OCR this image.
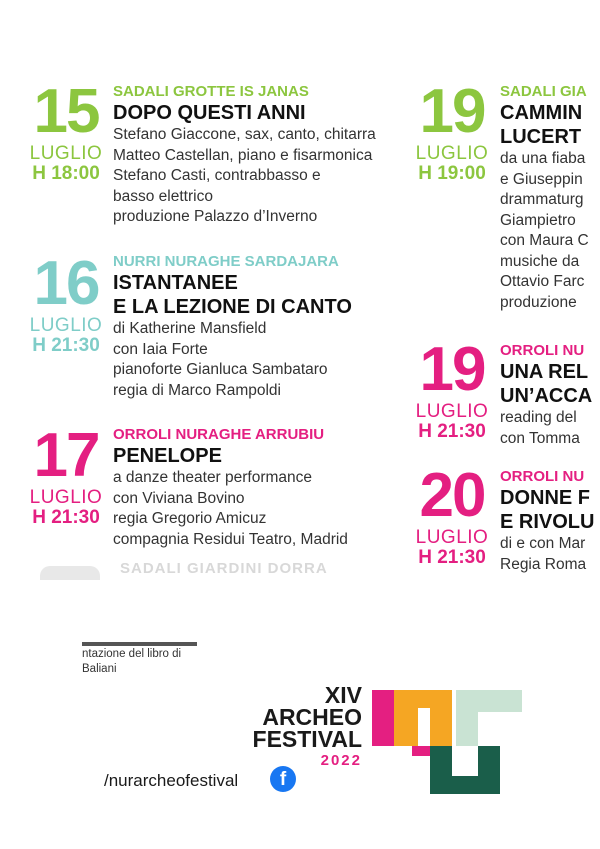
15
LUGLIO
H 18:00
SADALI GROTTE IS JANAS
DOPO QUESTI ANNI
Stefano Giaccone, sax, canto, chitarra
Matteo Castellan, piano e fisarmonica
Stefano Casti, contrabbasso e
basso elettrico
produzione Palazzo d’Inverno
16
LUGLIO
H 21:30
NURRI NURAGHE SARDAJARA
ISTANTANEE
E LA LEZIONE DI CANTO
di Katherine Mansfield
con Iaia Forte
pianoforte Gianluca Sambataro
regia di Marco Rampoldi
17
LUGLIO
H 21:30
ORROLI NURAGHE ARRUBIU
PENELOPE
a danze theater performance
con Viviana Bovino
regia Gregorio Amicuz
compagnia Residui Teatro, Madrid
SADALI GIARDINI DORRA
19
LUGLIO
H 19:00
SADALI GIA
CAMMIN
LUCERT
da una fiaba
e Giuseppin
drammaturg
Giampietro
con Maura C
musiche da
Ottavio Farc
produzione
19
LUGLIO
H 21:30
ORROLI NU
UNA REL
UN’ACCA
reading del
con Tomma
20
LUGLIO
H 21:30
ORROLI NU
DONNE F
E RIVOLU
di e con Mar
Regia Roma
ntazione del libro di
Baliani
XIV
ARCHEO
FESTIVAL
2022
/nurarcheofestival	f
